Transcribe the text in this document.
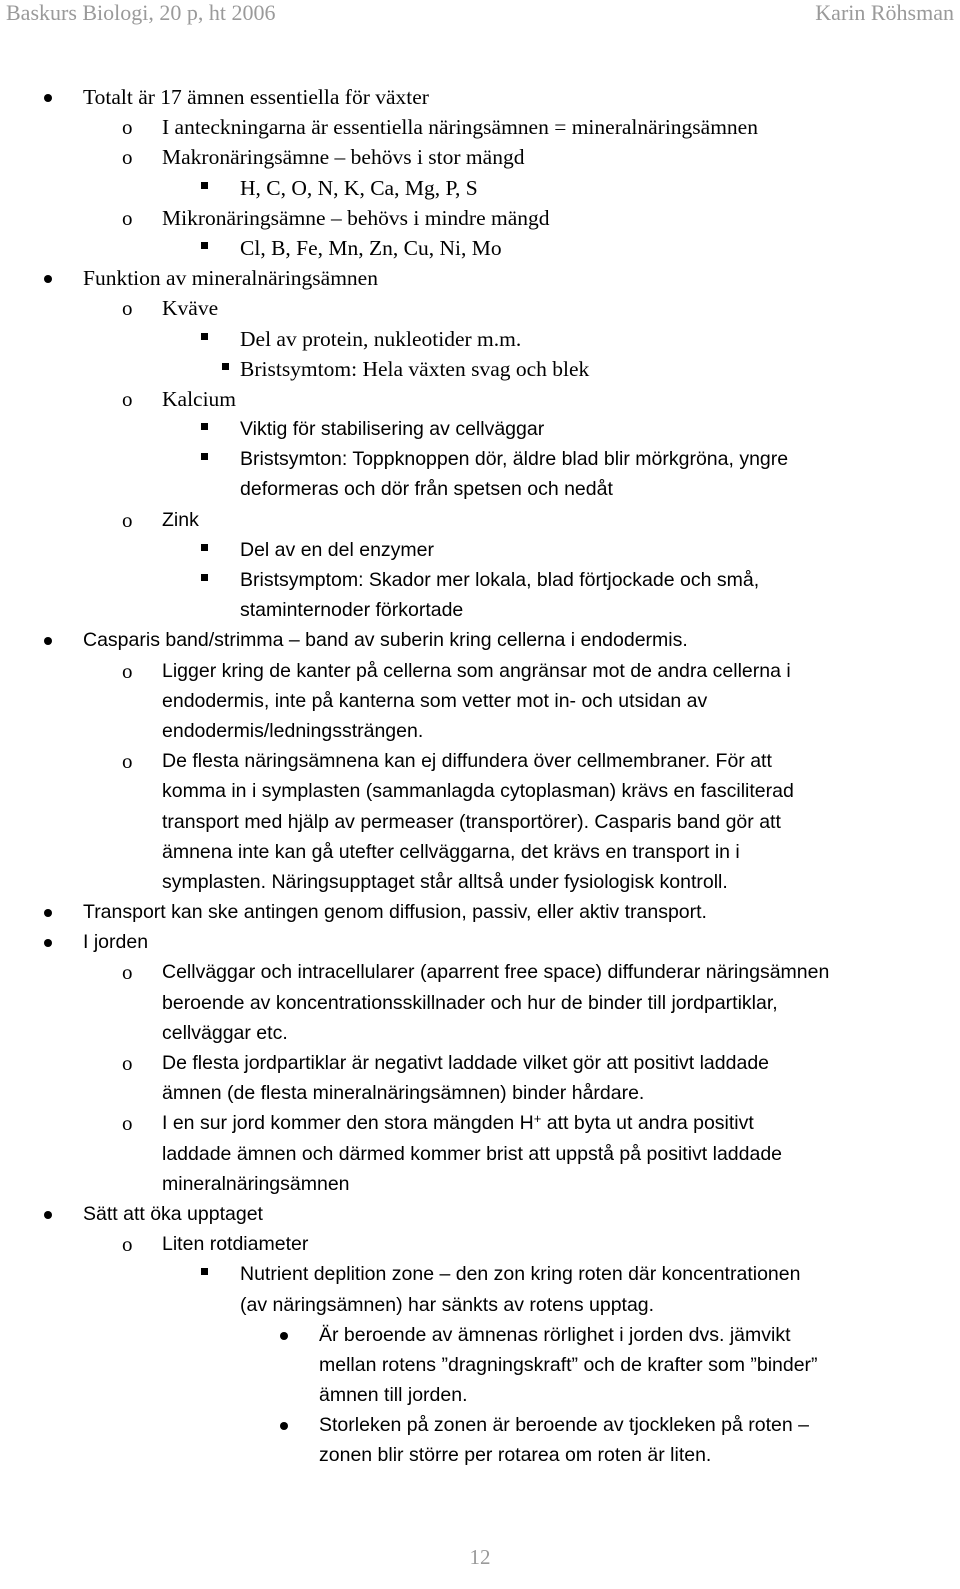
Baskurs Biologi, 20 p, ht 2006	Karin Röhsman
Totalt är 17 ämnen essentiella för växter
o I anteckningarna är essentiella näringsämnen = mineralnäringsämnen
o Makronäringsämne – behövs i stor mängd
H, C, O, N, K, Ca, Mg, P, S
o Mikronäringsämne – behövs i mindre mängd
Cl, B, Fe, Mn, Zn, Cu, Ni, Mo
Funktion av mineralnäringsämnen
o Kväve
Del av protein, nukleotider m.m.
Bristsymtom: Hela växten svag och blek
o Kalcium
Viktig för stabilisering av cellväggar
Bristsymton: Toppknoppen dör, äldre blad blir mörkgröna, yngre
deformeras och dör från spetsen och nedåt
o Zink
Del av en del enzymer
Bristsymptom: Skador mer lokala, blad förtjockade och små,
staminternoder förkortade
Casparis band/strimma – band av suberin kring cellerna i endodermis.
o Ligger kring de kanter på cellerna som angränsar mot de andra cellerna i
endodermis, inte på kanterna som vetter mot in- och utsidan av
endodermis/ledningssträngen.
o De flesta näringsämnena kan ej diffundera över cellmembraner. För att
komma in i symplasten (sammanlagda cytoplasman) krävs en fasciliterad
transport med hjälp av permeaser (transportörer). Casparis band gör att
ämnena inte kan gå utefter cellväggarna, det krävs en transport in i
symplasten. Näringsupptaget står alltså under fysiologisk kontroll.
Transport kan ske antingen genom diffusion, passiv, eller aktiv transport.
I jorden
o Cellväggar och intracellularer (aparrent free space) diffunderar näringsämnen
beroende av koncentrationsskillnader och hur de binder till jordpartiklar,
cellväggar etc.
o De flesta jordpartiklar är negativt laddade vilket gör att positivt laddade
ämnen (de flesta mineralnäringsämnen) binder hårdare.
o I en sur jord kommer den stora mängden H+ att byta ut andra positivt
laddade ämnen och därmed kommer brist att uppstå på positivt laddade
mineralnäringsämnen
Sätt att öka upptaget
o Liten rotdiameter
Nutrient deplition zone – den zon kring roten där koncentrationen
(av näringsämnen) har sänkts av rotens upptag.
Är beroende av ämnenas rörlighet i jorden dvs. jämvikt
mellan rotens ”dragningskraft” och de krafter som ”binder”
ämnen till jorden.
Storleken på zonen är beroende av tjockleken på roten –
zonen blir större per rotarea om roten är liten.
12
